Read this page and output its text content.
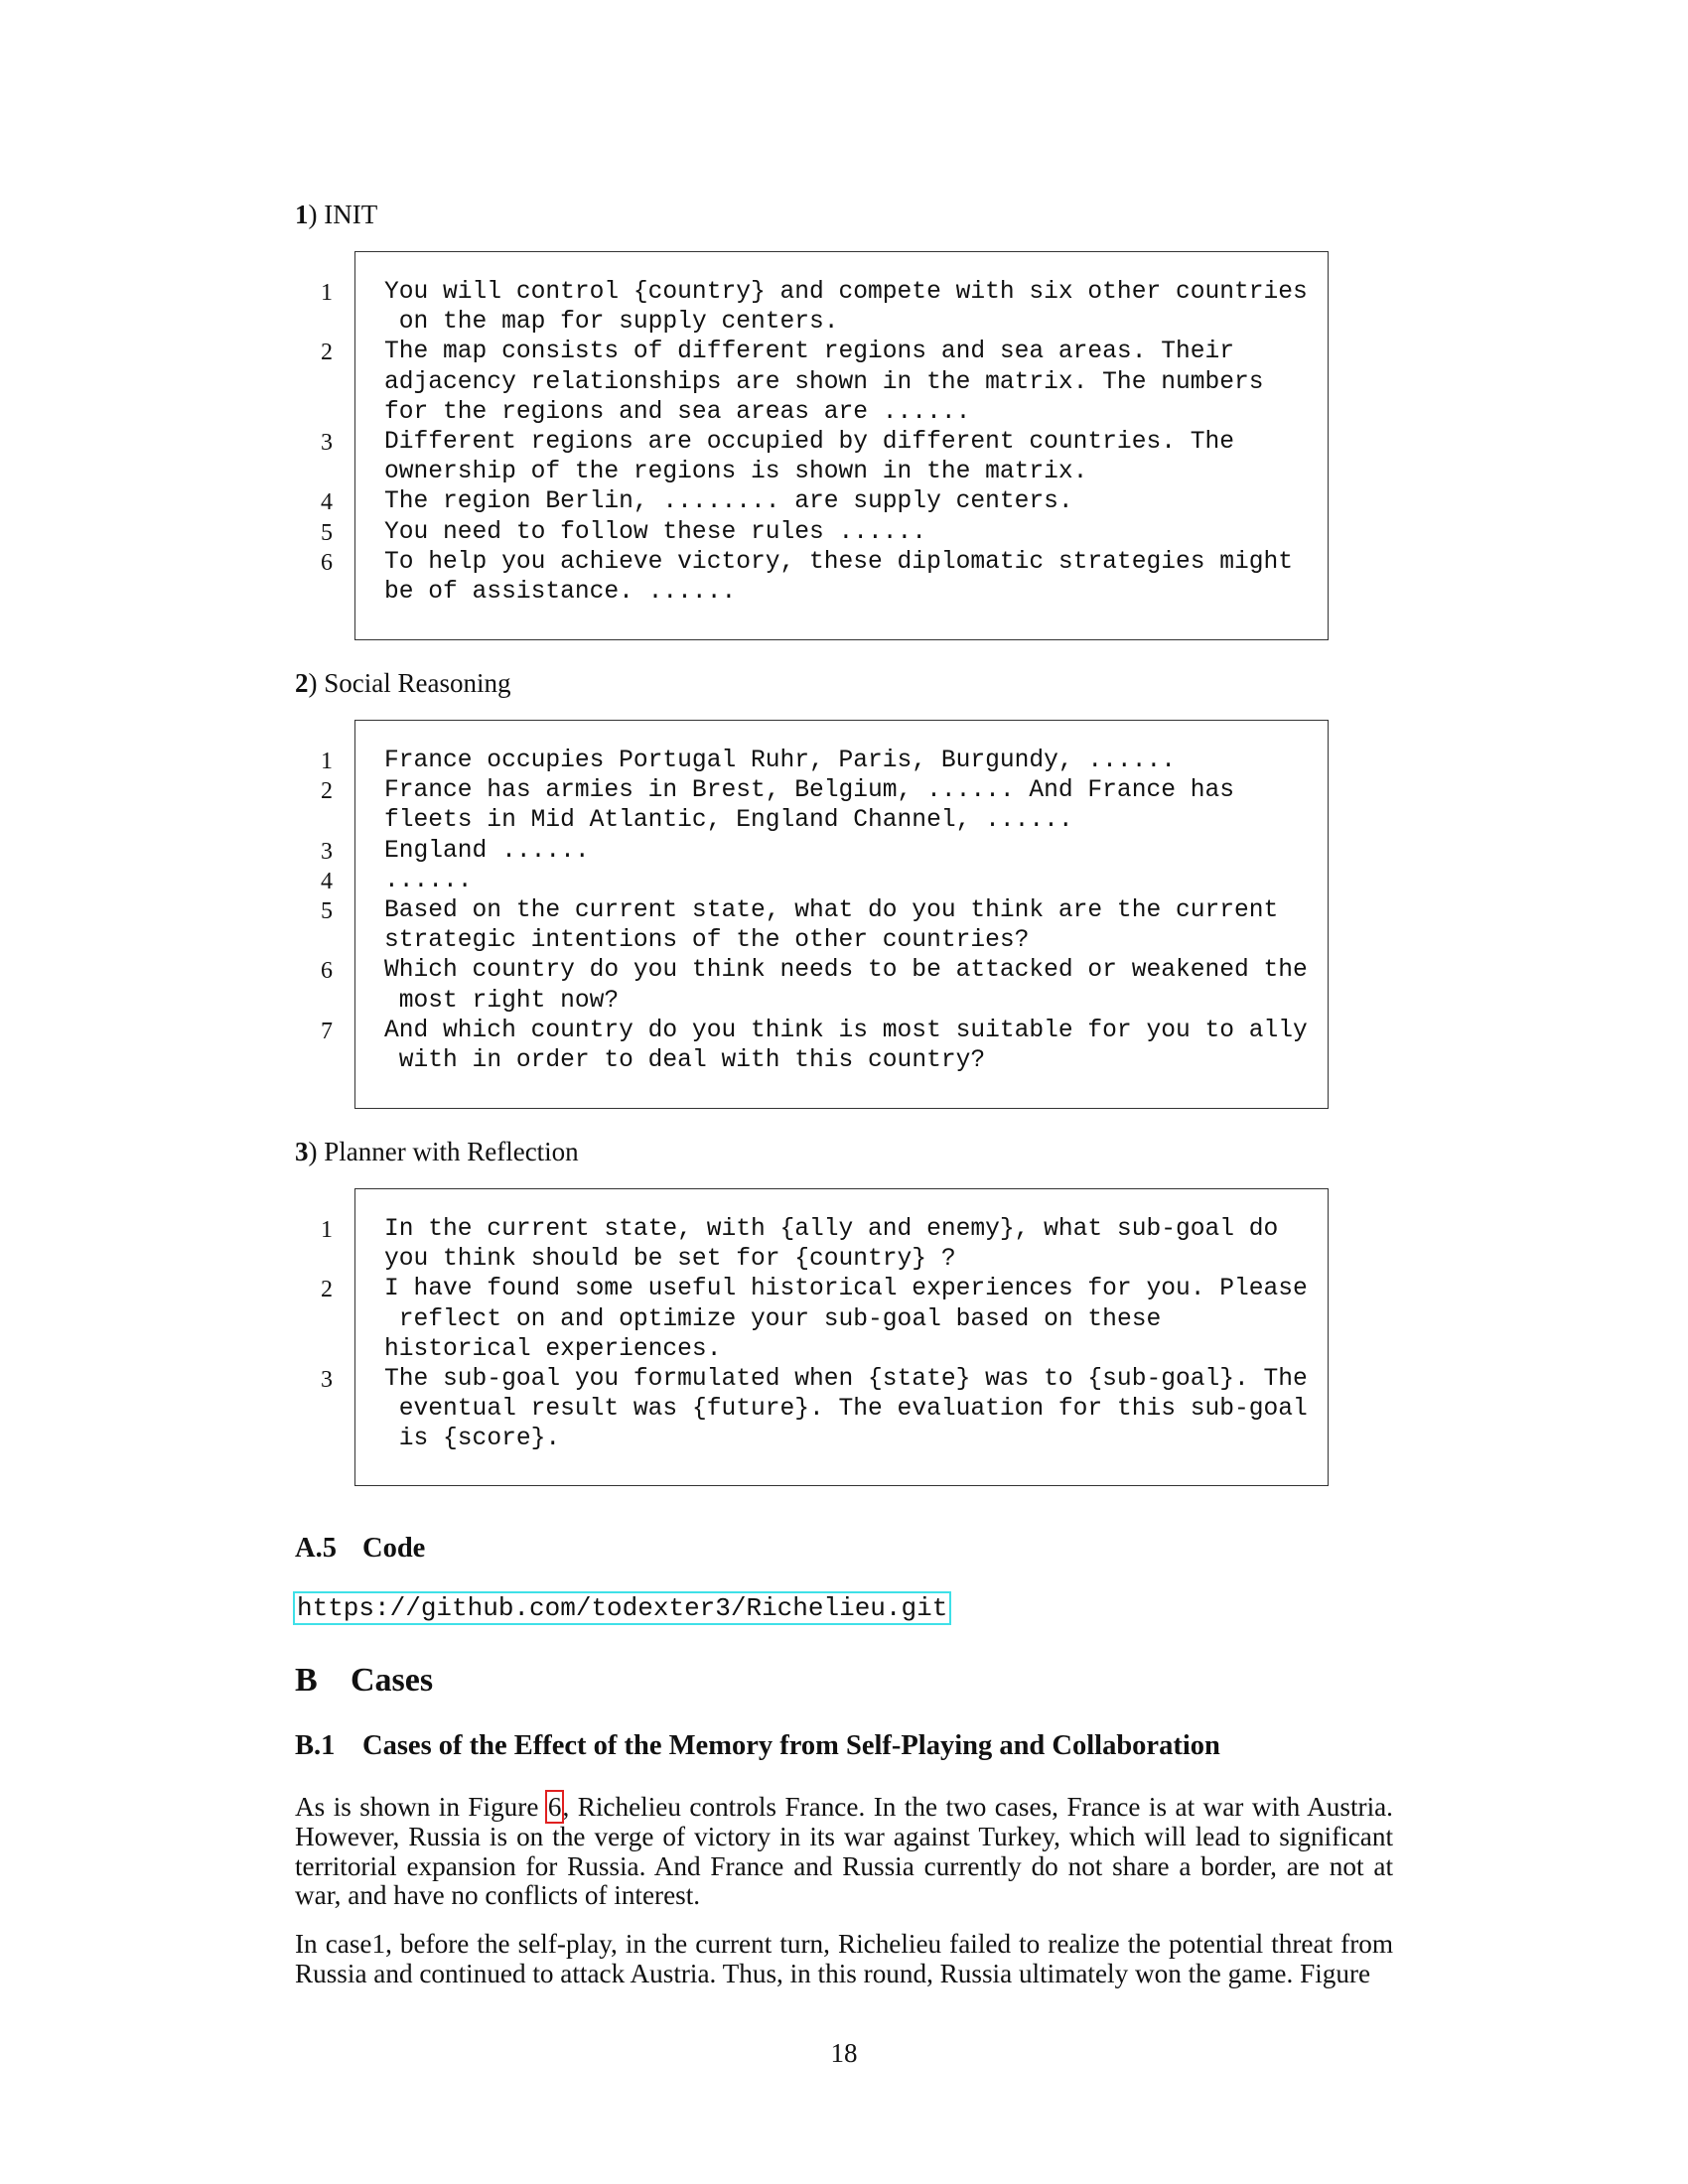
1) INIT
1 You will control {country} and compete with six other countries
on the map for supply centers.
2 The map consists of different regions and sea areas. Their
adjacency relationships are shown in the matrix. The numbers
for the regions and sea areas are ......
3 Different regions are occupied by different countries. The
ownership of the regions is shown in the matrix.
4 The region Berlin, ........ are supply centers.
5 You need to follow these rules ......
6 To help you achieve victory, these diplomatic strategies might
be of assistance. ......
2) Social Reasoning
1 France occupies Portugal Ruhr, Paris, Burgundy, ......
2 France has armies in Brest, Belgium, ...... And France has
fleets in Mid Atlantic, England Channel, ......
3 England ......
4 ......
5 Based on the current state, what do you think are the current
strategic intentions of the other countries?
6 Which country do you think needs to be attacked or weakened the
most right now?
7 And which country do you think is most suitable for you to ally
with in order to deal with this country?
3) Planner with Reflection
1 In the current state, with {ally and enemy}, what sub-goal do
you think should be set for {country} ?
2 I have found some useful historical experiences for you. Please
reflect on and optimize your sub-goal based on these
historical experiences.
3 The sub-goal you formulated when {state} was to {sub-goal}. The
eventual result was {future}. The evaluation for this sub-goal
is {score}.
A.5 Code
https://github.com/todexter3/Richelieu.git
B Cases
B.1 Cases of the Effect of the Memory from Self-Playing and Collaboration
As is shown in Figure 6, Richelieu controls France. In the two cases, France is at war with Austria. However, Russia is on the verge of victory in its war against Turkey, which will lead to significant territorial expansion for Russia. And France and Russia currently do not share a border, are not at war, and have no conflicts of interest.
In case1, before the self-play, in the current turn, Richelieu failed to realize the potential threat from Russia and continued to attack Austria. Thus, in this round, Russia ultimately won the game. Figure
18
